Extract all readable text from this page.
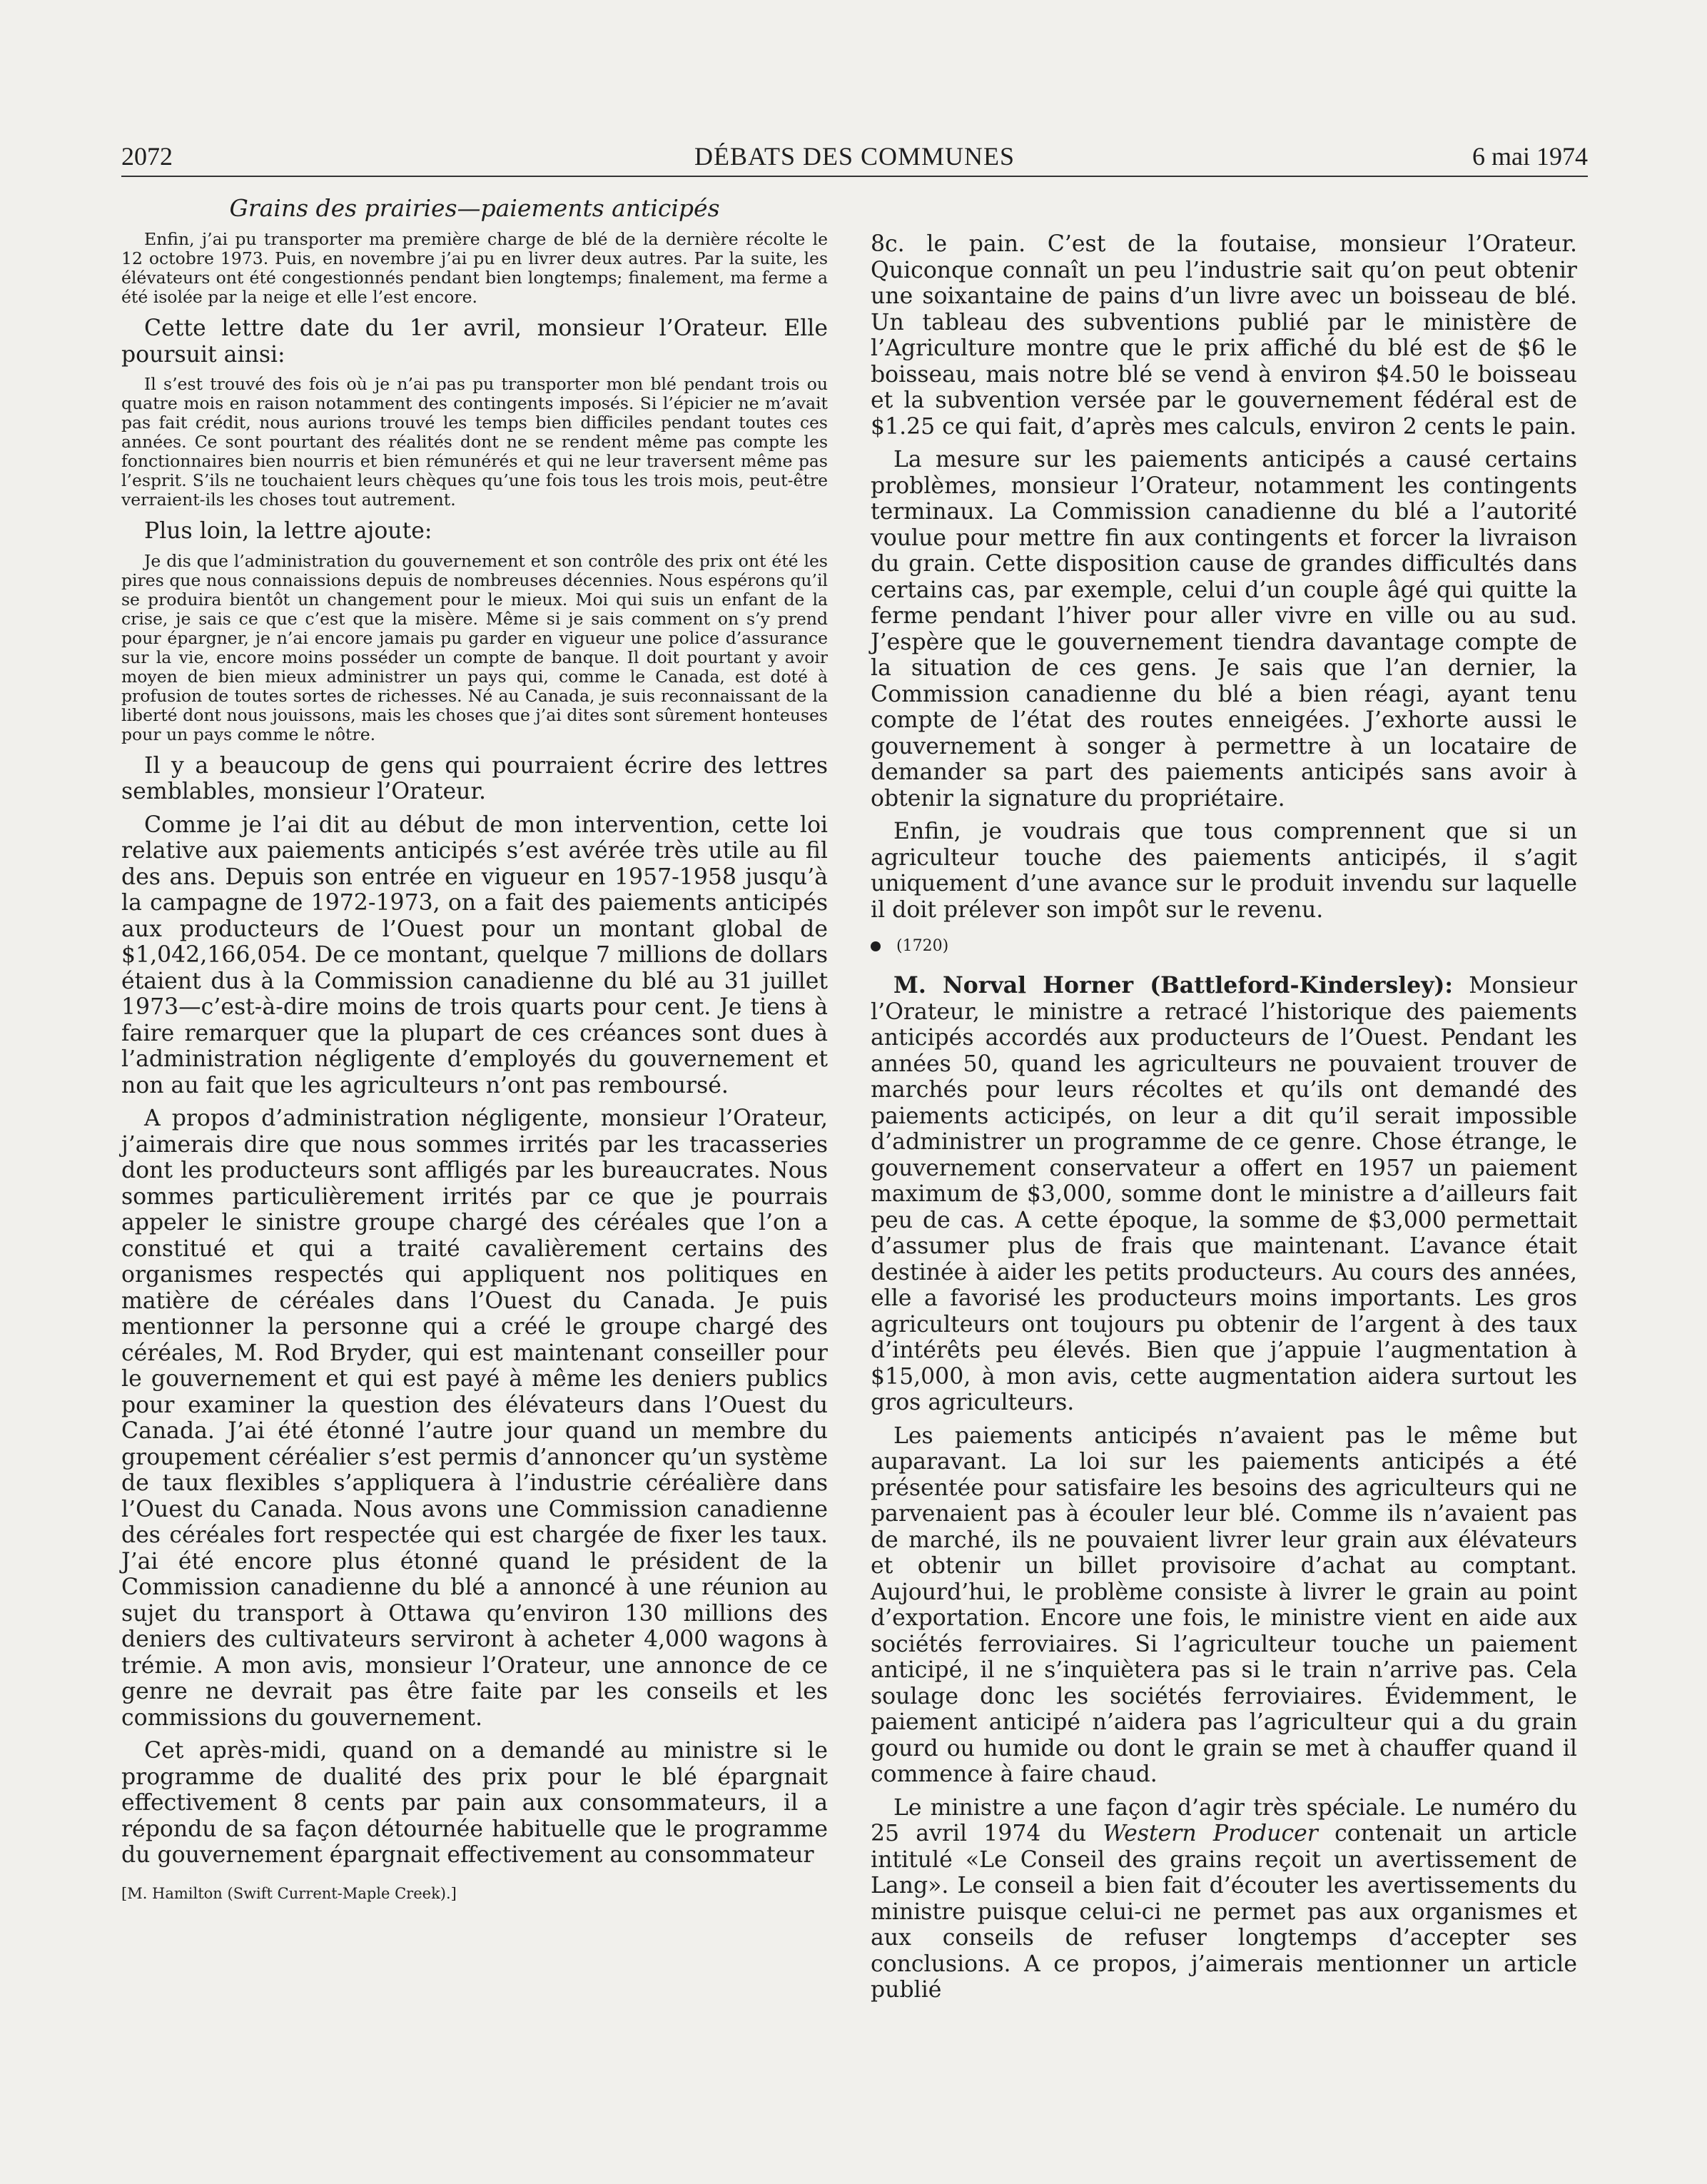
2072	DÉBATS DES COMMUNES	6 mai 1974

Grains des prairies—paiements anticipés

Enfin, j’ai pu transporter ma première charge de blé de la dernière récolte le 12 octobre 1973. Puis, en novembre j’ai pu en livrer deux autres. Par la suite, les élévateurs ont été congestionnés pendant bien longtemps; finalement, ma ferme a été isolée par la neige et elle l’est encore.

Cette lettre date du 1er avril, monsieur l’Orateur. Elle poursuit ainsi:

Il s’est trouvé des fois où je n’ai pas pu transporter mon blé pendant trois ou quatre mois en raison notamment des contingents imposés. Si l’épicier ne m’avait pas fait crédit, nous aurions trouvé les temps bien difficiles pendant toutes ces années. Ce sont pourtant des réalités dont ne se rendent même pas compte les fonctionnaires bien nourris et bien rémunérés et qui ne leur traversent même pas l’esprit. S’ils ne touchaient leurs chèques qu’une fois tous les trois mois, peut-être verraient-ils les choses tout autrement.

Plus loin, la lettre ajoute:

Je dis que l’administration du gouvernement et son contrôle des prix ont été les pires que nous connaissions depuis de nombreuses décennies. Nous espérons qu’il se produira bientôt un changement pour le mieux. Moi qui suis un enfant de la crise, je sais ce que c’est que la misère. Même si je sais comment on s’y prend pour épargner, je n’ai encore jamais pu garder en vigueur une police d’assurance sur la vie, encore moins posséder un compte de banque. Il doit pourtant y avoir moyen de bien mieux administrer un pays qui, comme le Canada, est doté à profusion de toutes sortes de richesses. Né au Canada, je suis reconnaissant de la liberté dont nous jouissons, mais les choses que j’ai dites sont sûrement honteuses pour un pays comme le nôtre.

Il y a beaucoup de gens qui pourraient écrire des lettres semblables, monsieur l’Orateur.

Comme je l’ai dit au début de mon intervention, cette loi relative aux paiements anticipés s’est avérée très utile au fil des ans. Depuis son entrée en vigueur en 1957-1958 jusqu’à la campagne de 1972-1973, on a fait des paiements anticipés aux producteurs de l’Ouest pour un montant global de $1,042,166,054. De ce montant, quelque 7 millions de dollars étaient dus à la Commission canadienne du blé au 31 juillet 1973—c’est-à-dire moins de trois quarts pour cent. Je tiens à faire remarquer que la plupart de ces créances sont dues à l’administration négligente d’employés du gouvernement et non au fait que les agriculteurs n’ont pas remboursé.

A propos d’administration négligente, monsieur l’Orateur, j’aimerais dire que nous sommes irrités par les tracasseries dont les producteurs sont affligés par les bureaucrates. Nous sommes particulièrement irrités par ce que je pourrais appeler le sinistre groupe chargé des céréales que l’on a constitué et qui a traité cavalièrement certains des organismes respectés qui appliquent nos politiques en matière de céréales dans l’Ouest du Canada. Je puis mentionner la personne qui a créé le groupe chargé des céréales, M. Rod Bryder, qui est maintenant conseiller pour le gouvernement et qui est payé à même les deniers publics pour examiner la question des élévateurs dans l’Ouest du Canada. J’ai été étonné l’autre jour quand un membre du groupement céréalier s’est permis d’annoncer qu’un système de taux flexibles s’appliquera à l’industrie céréalière dans l’Ouest du Canada. Nous avons une Commission canadienne des céréales fort respectée qui est chargée de fixer les taux. J’ai été encore plus étonné quand le président de la Commission canadienne du blé a annoncé à une réunion au sujet du transport à Ottawa qu’environ 130 millions des deniers des cultivateurs serviront à acheter 4,000 wagons à trémie. A mon avis, monsieur l’Orateur, une annonce de ce genre ne devrait pas être faite par les conseils et les commissions du gouvernement.

Cet après-midi, quand on a demandé au ministre si le programme de dualité des prix pour le blé épargnait effectivement 8 cents par pain aux consommateurs, il a répondu de sa façon détournée habituelle que le programme du gouvernement épargnait effectivement au consommateur

[M. Hamilton (Swift Current-Maple Creek).]

8c. le pain. C’est de la foutaise, monsieur l’Orateur. Quiconque connaît un peu l’industrie sait qu’on peut obtenir une soixantaine de pains d’un livre avec un boisseau de blé. Un tableau des subventions publié par le ministère de l’Agriculture montre que le prix affiché du blé est de $6 le boisseau, mais notre blé se vend à environ $4.50 le boisseau et la subvention versée par le gouvernement fédéral est de $1.25 ce qui fait, d’après mes calculs, environ 2 cents le pain.

La mesure sur les paiements anticipés a causé certains problèmes, monsieur l’Orateur, notamment les contingents terminaux. La Commission canadienne du blé a l’autorité voulue pour mettre fin aux contingents et forcer la livraison du grain. Cette disposition cause de grandes difficultés dans certains cas, par exemple, celui d’un couple âgé qui quitte la ferme pendant l’hiver pour aller vivre en ville ou au sud. J’espère que le gouvernement tiendra davantage compte de la situation de ces gens. Je sais que l’an dernier, la Commission canadienne du blé a bien réagi, ayant tenu compte de l’état des routes enneigées. J’exhorte aussi le gouvernement à songer à permettre à un locataire de demander sa part des paiements anticipés sans avoir à obtenir la signature du propriétaire.

Enfin, je voudrais que tous comprennent que si un agriculteur touche des paiements anticipés, il s’agit uniquement d’une avance sur le produit invendu sur laquelle il doit prélever son impôt sur le revenu.

(1720)

M. Norval Horner (Battleford-Kindersley): Monsieur l’Orateur, le ministre a retracé l’historique des paiements anticipés accordés aux producteurs de l’Ouest. Pendant les années 50, quand les agriculteurs ne pouvaient trouver de marchés pour leurs récoltes et qu’ils ont demandé des paiements acticipés, on leur a dit qu’il serait impossible d’administrer un programme de ce genre. Chose étrange, le gouvernement conservateur a offert en 1957 un paiement maximum de $3,000, somme dont le ministre a d’ailleurs fait peu de cas. A cette époque, la somme de $3,000 permettait d’assumer plus de frais que maintenant. L’avance était destinée à aider les petits producteurs. Au cours des années, elle a favorisé les producteurs moins importants. Les gros agriculteurs ont toujours pu obtenir de l’argent à des taux d’intérêts peu élevés. Bien que j’appuie l’augmentation à $15,000, à mon avis, cette augmentation aidera surtout les gros agriculteurs.

Les paiements anticipés n’avaient pas le même but auparavant. La loi sur les paiements anticipés a été présentée pour satisfaire les besoins des agriculteurs qui ne parvenaient pas à écouler leur blé. Comme ils n’avaient pas de marché, ils ne pouvaient livrer leur grain aux élévateurs et obtenir un billet provisoire d’achat au comptant. Aujourd’hui, le problème consiste à livrer le grain au point d’exportation. Encore une fois, le ministre vient en aide aux sociétés ferroviaires. Si l’agriculteur touche un paiement anticipé, il ne s’inquiètera pas si le train n’arrive pas. Cela soulage donc les sociétés ferroviaires. Évidemment, le paiement anticipé n’aidera pas l’agriculteur qui a du grain gourd ou humide ou dont le grain se met à chauffer quand il commence à faire chaud.

Le ministre a une façon d’agir très spéciale. Le numéro du 25 avril 1974 du Western Producer contenait un article intitulé «Le Conseil des grains reçoit un avertissement de Lang». Le conseil a bien fait d’écouter les avertissements du ministre puisque celui-ci ne permet pas aux organismes et aux conseils de refuser longtemps d’accepter ses conclusions. A ce propos, j’aimerais mentionner un article publié
